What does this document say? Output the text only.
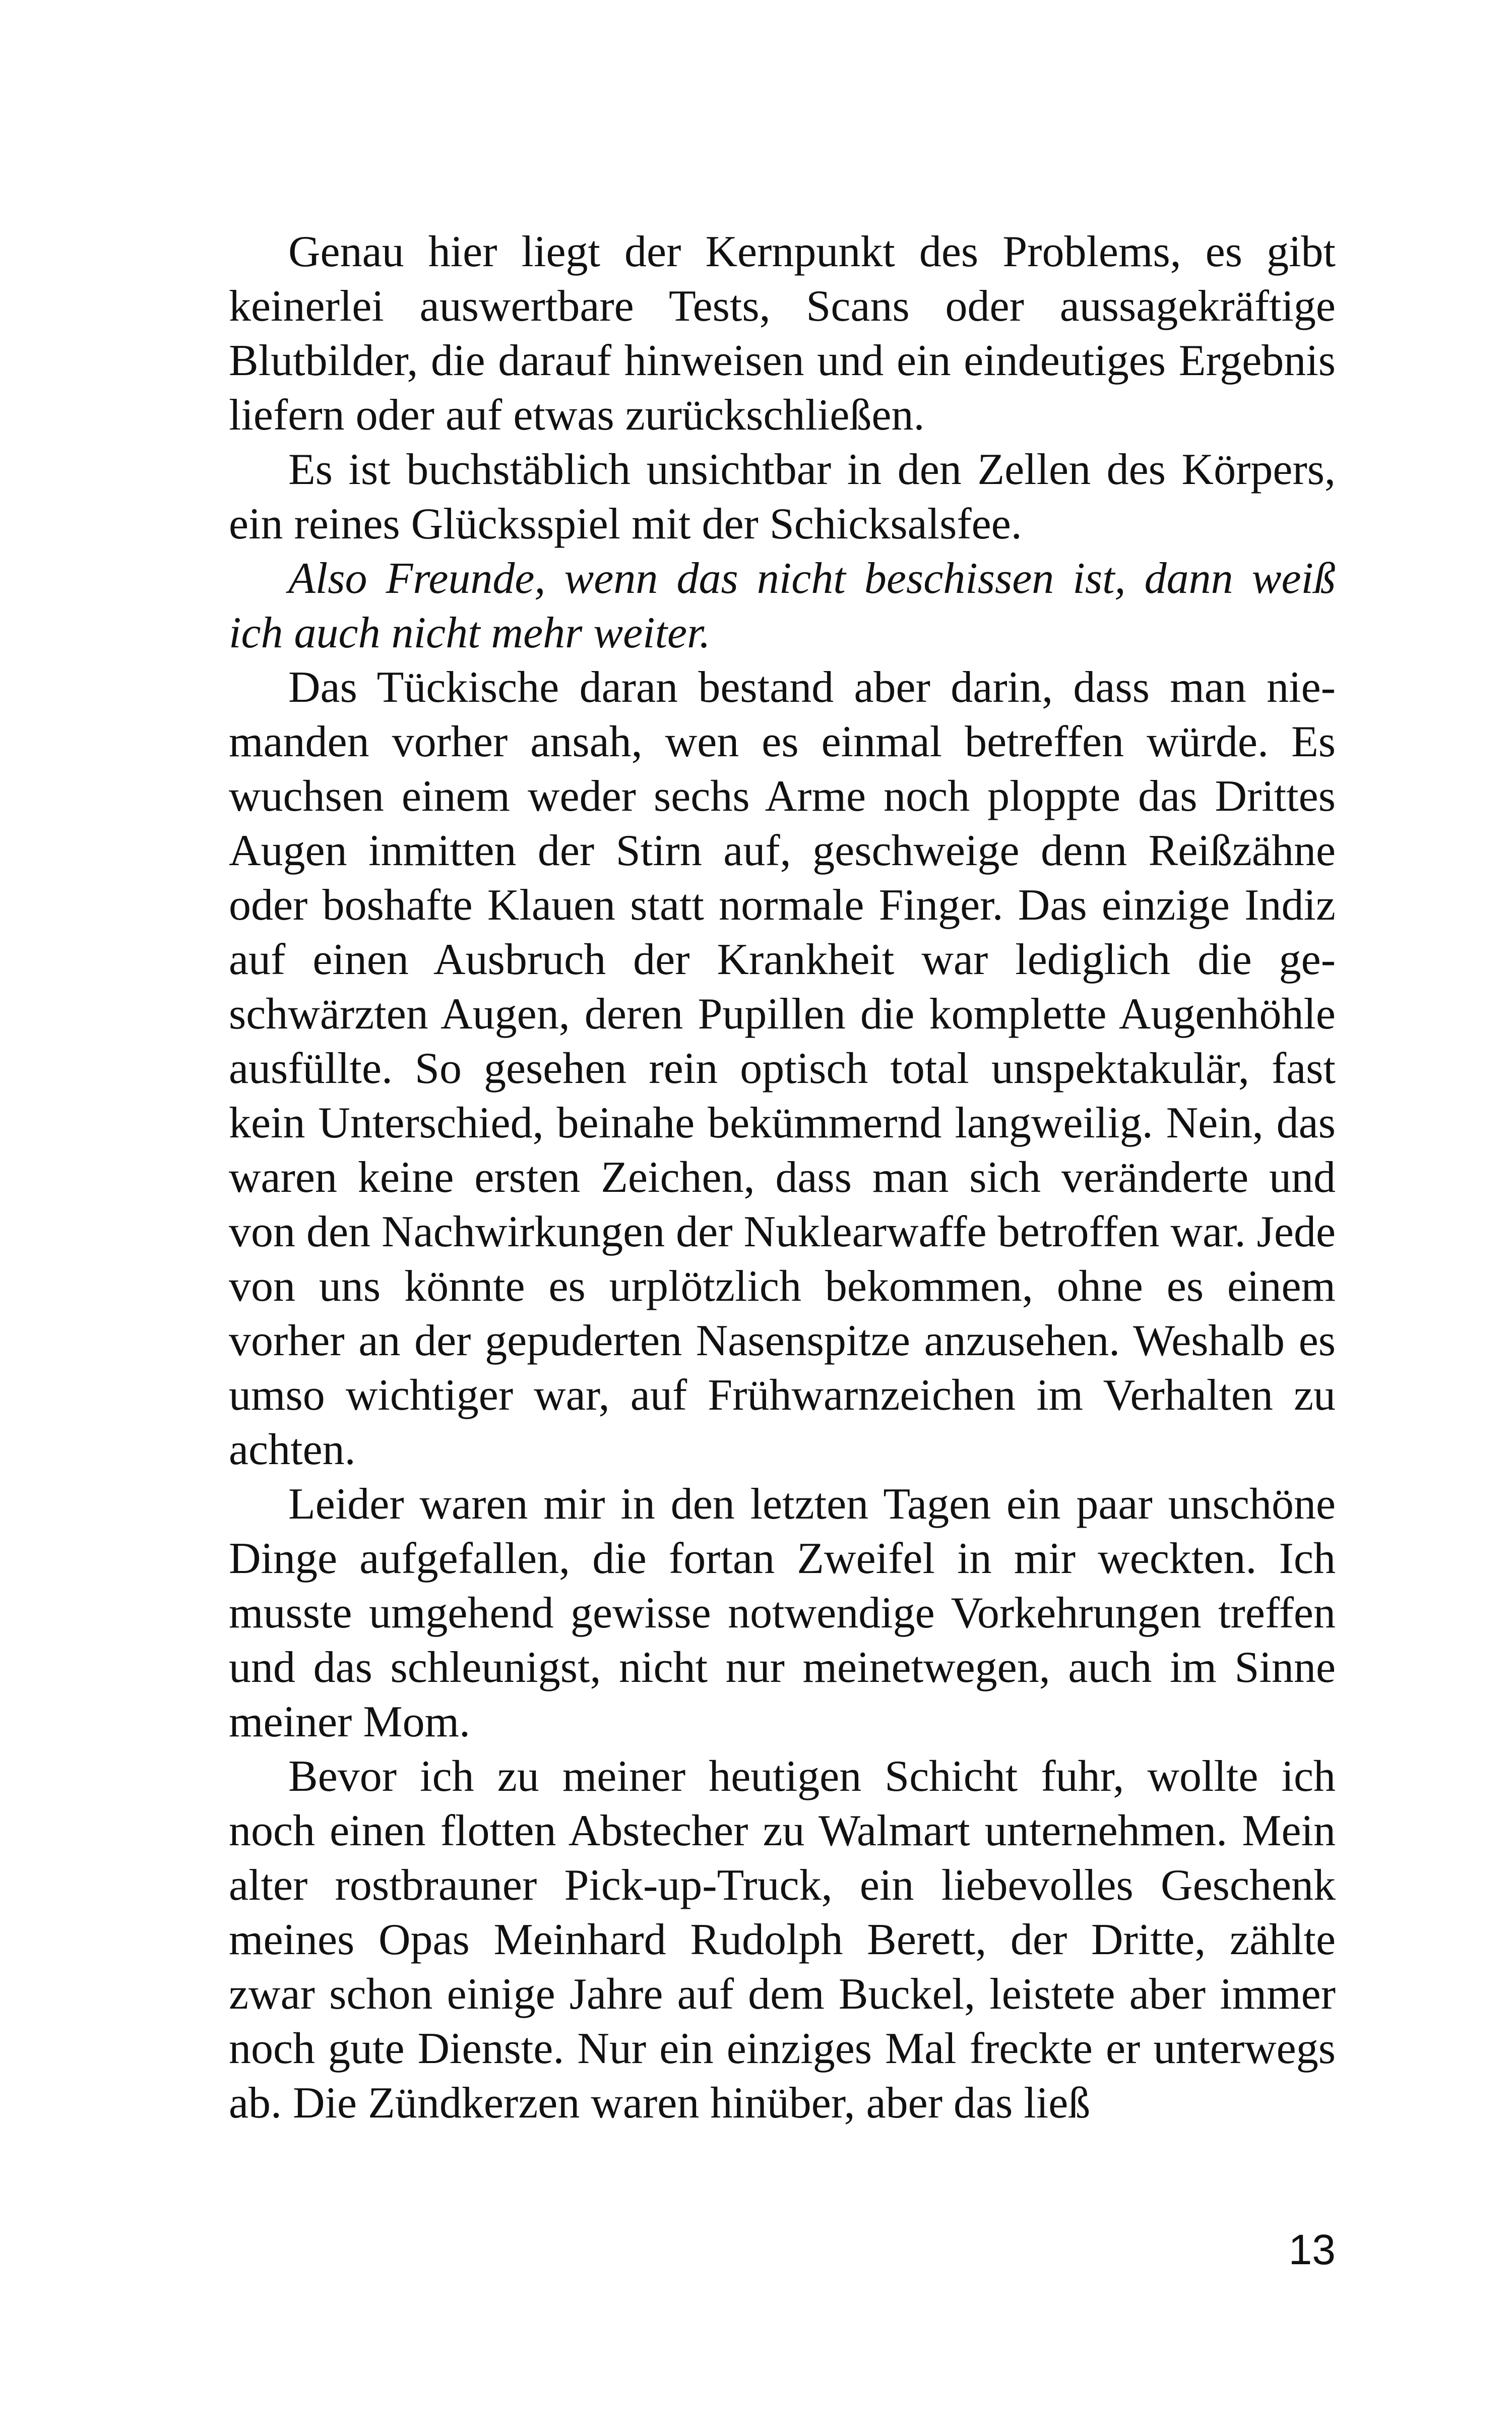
Genau hier liegt der Kernpunkt des Problems, es gibt keinerlei auswertbare Tests, Scans oder aussagekräftige Blutbilder, die darauf hinweisen und ein eindeutiges Ergebnis liefern oder auf etwas zurückschließen.

Es ist buchstäblich unsichtbar in den Zellen des Körpers, ein reines Glücksspiel mit der Schicksalsfee.

Also Freunde, wenn das nicht beschissen ist, dann weiß ich auch nicht mehr weiter.

Das Tückische daran bestand aber darin, dass man niemanden vorher ansah, wen es einmal betreffen würde. Es wuchsen einem weder sechs Arme noch ploppte das Drittes Augen inmitten der Stirn auf, geschweige denn Reißzähne oder boshafte Klauen statt normale Finger. Das einzige Indiz auf einen Ausbruch der Krankheit war lediglich die geschwärzten Augen, deren Pupillen die komplette Augenhöhle ausfüllte. So gesehen rein optisch total unspektakulär, fast kein Unterschied, beinahe bekümmernd langweilig. Nein, das waren keine ersten Zeichen, dass man sich veränderte und von den Nachwirkungen der Nuklearwaffe betroffen war. Jede von uns könnte es urplötzlich bekommen, ohne es einem vorher an der gepuderten Nasenspitze anzusehen. Weshalb es umso wichtiger war, auf Frühwarnzeichen im Verhalten zu achten.

Leider waren mir in den letzten Tagen ein paar unschöne Dinge aufgefallen, die fortan Zweifel in mir weckten. Ich musste umgehend gewisse notwendige Vorkehrungen treffen und das schleunigst, nicht nur meinetwegen, auch im Sinne meiner Mom.

Bevor ich zu meiner heutigen Schicht fuhr, wollte ich noch einen flotten Abstecher zu Walmart unternehmen. Mein alter rostbrauner Pick-up-Truck, ein liebevolles Geschenk meines Opas Meinhard Rudolph Berett, der Dritte, zählte zwar schon einige Jahre auf dem Buckel, leistete aber immer noch gute Dienste. Nur ein einziges Mal freckte er unterwegs ab. Die Zündkerzen waren hinüber, aber das ließ

13
